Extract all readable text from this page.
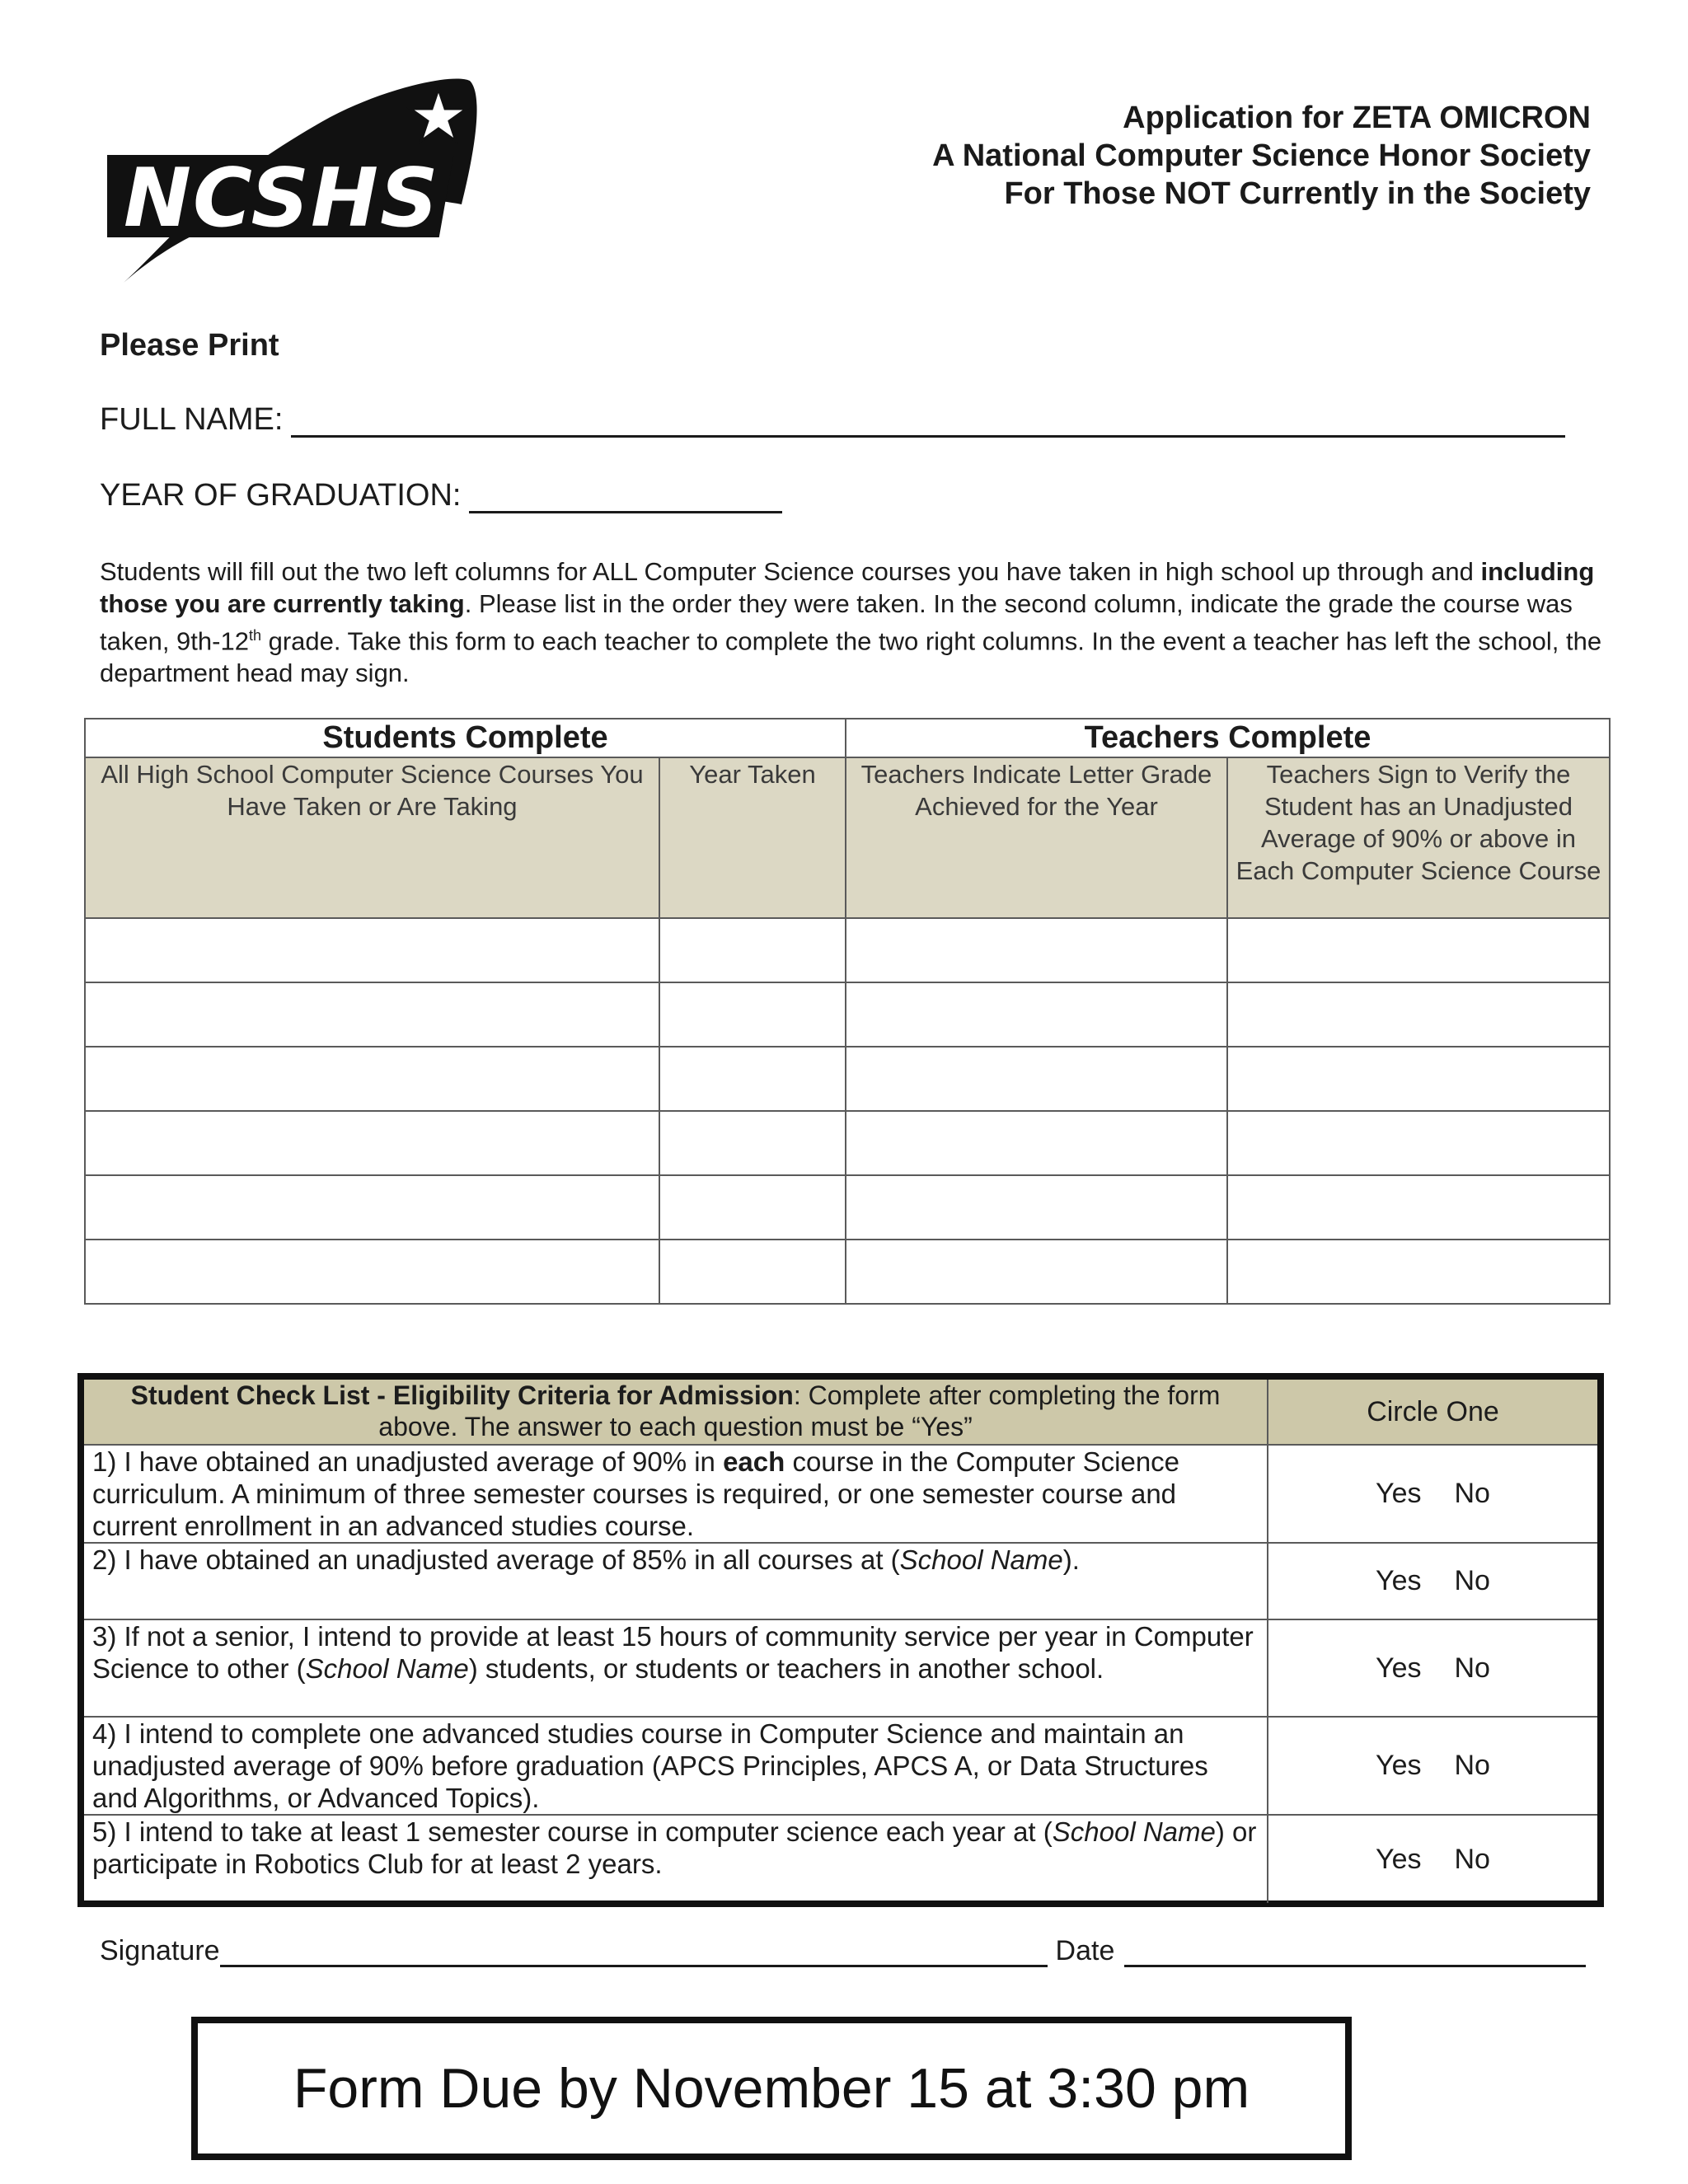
NCSHS
Application for ZETA OMICRON
A National Computer Science Honor Society
For Those NOT Currently in the Society
Please Print
FULL NAME:
YEAR OF GRADUATION:
Students will fill out the two left columns for ALL Computer Science courses you have taken in high school up through and including those you are currently taking. Please list in the order they were taken. In the second column, indicate the grade the course was taken, 9th-12th grade. Take this form to each teacher to complete the two right columns. In the event a teacher has left the school, the department head may sign.
Students Complete		Teachers Complete	
All High School Computer Science Courses You Have Taken or Are Taking	Year Taken	Teachers Indicate Letter Grade Achieved for the Year	Teachers Sign to Verify the Student has an Unadjusted Average of 90% or above in Each Computer Science Course

Student Check List - Eligibility Criteria for Admission: Complete after completing the form above. The answer to each question must be “Yes”	Circle One
1) I have obtained an unadjusted average of 90% in each course in the Computer Science curriculum. A minimum of three semester courses is required, or one semester course and current enrollment in an advanced studies course.	Yes No
2) I have obtained an unadjusted average of 85% in all courses at (School Name).	Yes No
3) If not a senior, I intend to provide at least 15 hours of community service per year in Computer Science to other (School Name) students, or students or teachers in another school.	Yes No
4) I intend to complete one advanced studies course in Computer Science and maintain an unadjusted average of 90% before graduation (APCS Principles, APCS A, or Data Structures and Algorithms, or Advanced Topics).	Yes No
5) I intend to take at least 1 semester course in computer science each year at (School Name) or participate in Robotics Club for at least 2 years.	Yes No
Signature	Date
Form Due by November 15 at 3:30 pm
